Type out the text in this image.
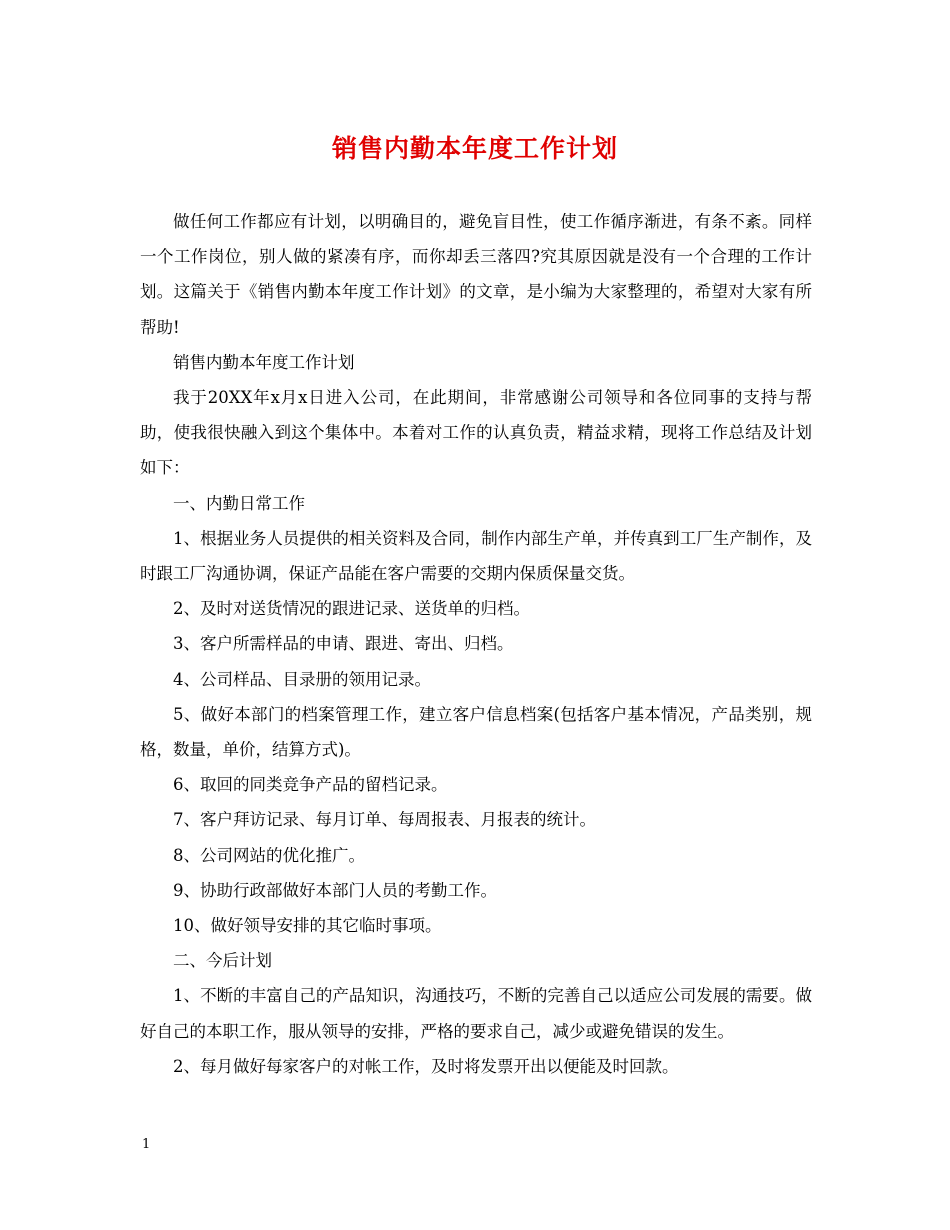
销售内勤本年度工作计划

做任何工作都应有计划，以明确目的，避免盲目性，使工作循序渐进，有条不紊。同样一个工作岗位，别人做的紧凑有序，而你却丢三落四?究其原因就是没有一个合理的工作计划。这篇关于《销售内勤本年度工作计划》的文章，是小编为大家整理的，希望对大家有所帮助!

销售内勤本年度工作计划

我于20XX年x月x日进入公司，在此期间，非常感谢公司领导和各位同事的支持与帮助，使我很快融入到这个集体中。本着对工作的认真负责，精益求精，现将工作总结及计划如下：

一、内勤日常工作

1、根据业务人员提供的相关资料及合同，制作内部生产单，并传真到工厂生产制作，及时跟工厂沟通协调，保证产品能在客户需要的交期内保质保量交货。

2、及时对送货情况的跟进记录、送货单的归档。

3、客户所需样品的申请、跟进、寄出、归档。

4、公司样品、目录册的领用记录。

5、做好本部门的档案管理工作，建立客户信息档案(包括客户基本情况，产品类别，规格，数量，单价，结算方式)。

6、取回的同类竞争产品的留档记录。

7、客户拜访记录、每月订单、每周报表、月报表的统计。

8、公司网站的优化推广。

9、协助行政部做好本部门人员的考勤工作。

10、做好领导安排的其它临时事项。

二、今后计划

1、不断的丰富自己的产品知识，沟通技巧，不断的完善自己以适应公司发展的需要。做好自己的本职工作，服从领导的安排，严格的要求自己，减少或避免错误的发生。

2、每月做好每家客户的对帐工作，及时将发票开出以便能及时回款。

1
